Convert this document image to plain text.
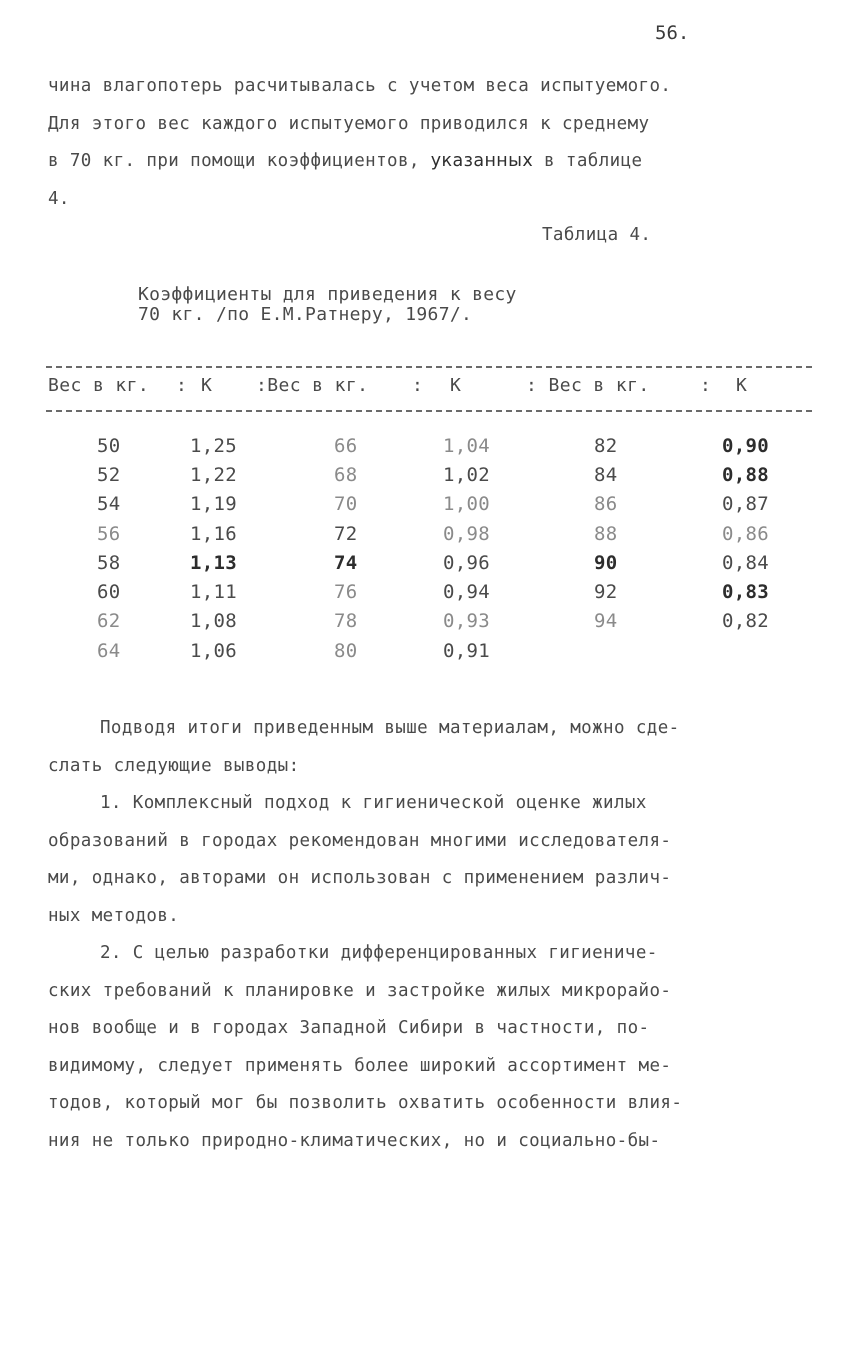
56.
чина влагопотерь расчитывалась с учетом веса испытуемого.
Для этого вес каждого испытуемого приводился к среднему
в 70 кг. при помощи коэффициентов, указанных в таблице
4.
Таблица 4.
Коэффициенты для приведения к весу
70 кг. /по Е.М.Ратнеру, 1967/.
Вес в кг. : К :Вес в кг. : К	: Вес в кг.	: К
50	1,25	66	1,04	82	0,90
52	1,22	68	1,02	84	0,88
54	1,19	70	1,00	86	0,87
56	1,16	72	0,98	88	0,86
58	1,13	74	0,96	90	0,84
60	1,11	76	0,94	92	0,83
62	1,08	78	0,93	94	0,82
64	1,06	80	0,91
Подводя итоги приведенным выше материалам, можно сде-
слать следующие выводы:
1. Комплексный подход к гигиенической оценке жилых
образований в городах рекомендован многими исследователя-
ми, однако, авторами он использован с применением различ-
ных методов.
2. С целью разработки дифференцированных гигиениче-
ских требований к планировке и застройке жилых микрорайо-
нов вообще и в городах Западной Сибири в частности, по-
видимому, следует применять более широкий ассортимент ме-
тодов, который мог бы позволить охватить особенности влия-
ния не только природно-климатических, но и социально-бы-
